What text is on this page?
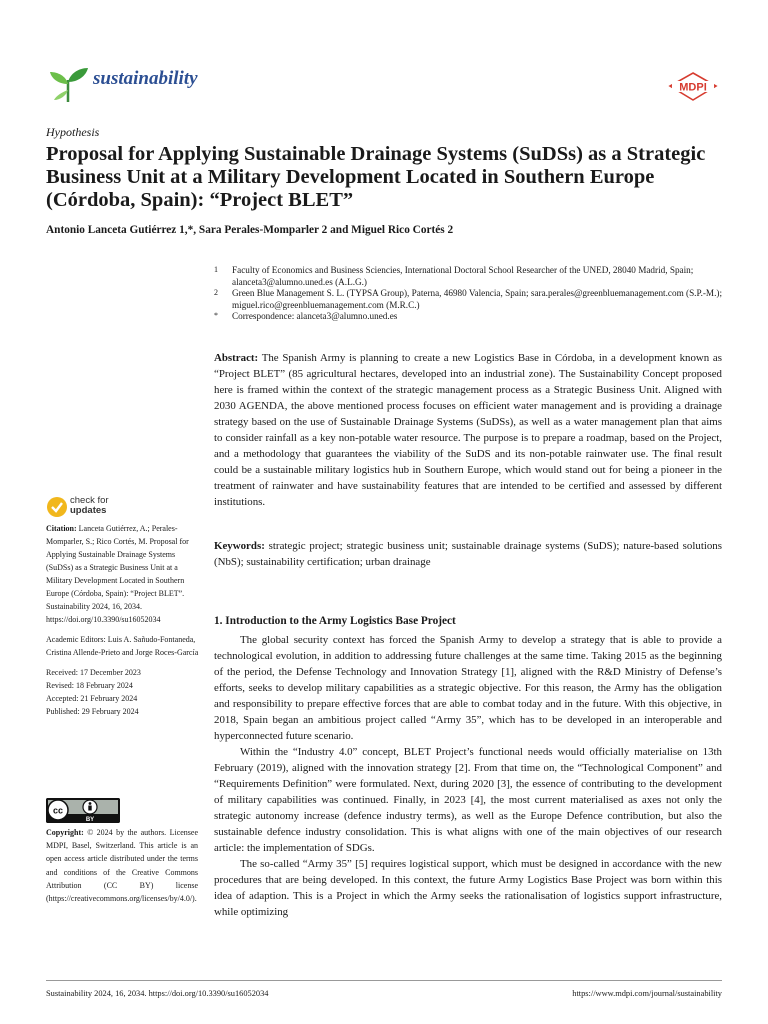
sustainability	MDPI
Hypothesis
Proposal for Applying Sustainable Drainage Systems (SuDSs) as a Strategic Business Unit at a Military Development Located in Southern Europe (Córdoba, Spain): “Project BLET”
Antonio Lanceta Gutiérrez 1,*, Sara Perales-Momparler 2 and Miguel Rico Cortés 2
1 Faculty of Economics and Business Sciencies, International Doctoral School Researcher of the UNED, 28040 Madrid, Spain; alanceta3@alumno.uned.es (A.L.G.)
2 Green Blue Management S. L. (TYPSA Group), Paterna, 46980 Valencia, Spain; sara.perales@greenbluemanagement.com (S.P.-M.); miguel.rico@greenbluemanagement.com (M.R.C.)
* Correspondence: alanceta3@alumno.uned.es

Abstract: The Spanish Army is planning to create a new Logistics Base in Córdoba, in a development known as “Project BLET” (85 agricultural hectares, developed into an industrial zone). The Sustainability Concept proposed here is framed within the context of the strategic management process as a Strategic Business Unit. Aligned with 2030 AGENDA, the above mentioned process focuses on efficient water management and is providing a drainage strategy based on the use of Sustainable Drainage Systems (SuDSs), as well as a water management plan that aims to consider rainfall as a key non-potable water resource. The purpose is to prepare a roadmap, based on the Project, and a methodology that guarantees the viability of the SuDS and its non-potable rainwater use. The final result could be a sustainable military logistics hub in Southern Europe, which would stand out for being a pioneer in the treatment of rainwater and have sustainability features that are intended to be certified and assessed by different institutions.

Keywords: strategic project; strategic business unit; sustainable drainage systems (SuDS); nature-based solutions (NbS); sustainability certification; urban drainage

1. Introduction to the Army Logistics Base Project

The global security context has forced the Spanish Army to develop a strategy that is able to provide a technological evolution, in addition to addressing future challenges at the same time. Taking 2015 as the beginning of the period, the Defense Technology and Innovation Strategy [1], aligned with the R&D Ministry of Defense’s efforts, seeks to develop military capabilities as a strategic objective. For this reason, the Army has the obligation and responsibility to prepare effective forces that are able to combat today and in the future. With this objective, in 2018, Spain began an ambitious project called “Army 35”, which has to be developed in an interoperable and hyperconnected future scenario.

Within the “Industry 4.0” concept, BLET Project’s functional needs would officially materialise on 13th February (2019), aligned with the innovation strategy [2]. From that time on, the “Technological Component” and “Requirements Definition” were formulated. Next, during 2020 [3], the essence of contributing to the development of military capabilities was continued. Finally, in 2023 [4], the most current materialised as axes not only the strategic autonomy increase (defence industry terms), as well as the Europe Defence contribution, but also the sustainable defence industry consolidation. This is what aligns with one of the main objectives of our research article: the implementation of SDGs.

The so-called “Army 35” [5] requires logistical support, which must be designed in accordance with the new procedures that are being developed. In this context, the future Army Logistics Base Project was born within this idea of adaption. This is a Project in which the Army seeks the rationalisation of logistics support infrastructure, while optimizing

check for
updates

Citation: Lanceta Gutiérrez, A.; Perales-Momparler, S.; Rico Cortés, M. Proposal for Applying Sustainable Drainage Systems (SuDSs) as a Strategic Business Unit at a Military Development Located in Southern Europe (Córdoba, Spain): “Project BLET”. Sustainability 2024, 16, 2034. https://doi.org/10.3390/su16052034

Academic Editors: Luis A. Sañudo-Fontaneda, Cristina Allende-Prieto and Jorge Roces-García

Received: 17 December 2023

Revised: 18 February 2024

Accepted: 21 February 2024

Published: 29 February 2024

cc
BY

Copyright: © 2024 by the authors. Licensee MDPI, Basel, Switzerland. This article is an open access article distributed under the terms and conditions of the Creative Commons Attribution (CC BY) license (https://creativecommons.org/licenses/by/4.0/).

Sustainability 2024, 16, 2034. https://doi.org/10.3390/su16052034	https://www.mdpi.com/journal/sustainability
